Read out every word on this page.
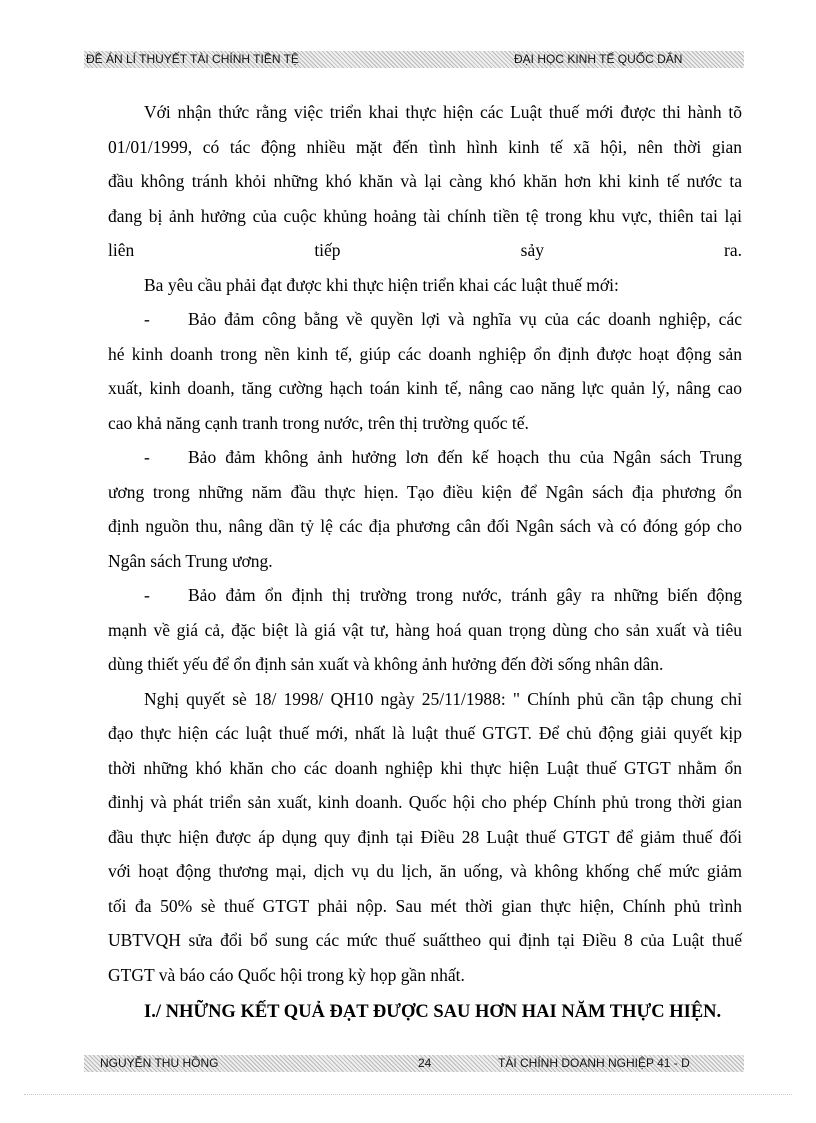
ĐỀ ÁN LÍ THUYẾT TÀI CHÍNH TIỀN TỆ	ĐẠI HỌC KINH TẾ QUỐC DÂN
Với nhận thức rằng việc triển khai thực hiện các Luật thuế mới được thi hành tõ
01/01/1999, có tác động nhiều mặt đến tình hình kinh tế xã hội, nên thời gian
đầu không tránh khỏi những khó khăn và lại càng khó khăn hơn khi kinh tế nước ta
đang bị ảnh hưởng của cuộc khủng hoảng tài chính tiền tệ trong khu vực, thiên tai lại
liên tiếp sảy ra.
Ba yêu cầu phải đạt được khi thực hiện triển khai các luật thuế mới:
- Bảo đảm công bằng về quyền lợi và nghĩa vụ của các doanh nghiệp, các
hé kinh doanh trong nền kinh tế, giúp các doanh nghiệp ổn định được hoạt động sản
xuất, kinh doanh, tăng cường hạch toán kinh tế, nâng cao năng lực quản lý, nâng cao
cao khả năng cạnh tranh trong nước, trên thị trường quốc tế.
- Bảo đảm không ảnh hưởng lơn đến kế hoạch thu của Ngân sách Trung
ương trong những năm đầu thực hiẹn. Tạo điều kiện để Ngân sách địa phương ổn
định nguồn thu, nâng dần tỷ lệ các địa phương cân đối Ngân sách và có đóng góp cho
Ngân sách Trung ương.
- Bảo đảm ổn định thị trường trong nước, tránh gây ra những biến động
mạnh về giá cả, đặc biệt là giá vật tư, hàng hoá quan trọng dùng cho sản xuất và tiêu
dùng thiết yếu để ổn định sản xuất và không ảnh hưởng đến đời sống nhân dân.
Nghị quyết sè 18/ 1998/ QH10 ngày 25/11/1988: " Chính phủ cần tập chung chỉ
đạo thực hiện các luật thuế mới, nhất là luật thuế GTGT. Để chủ động giải quyết kịp
thời những khó khăn cho các doanh nghiệp khi thực hiện Luật thuế GTGT nhằm ổn
đinhj và phát triển sản xuất, kinh doanh. Quốc hội cho phép Chính phủ trong thời gian
đầu thực hiện được áp dụng quy định tại Điều 28 Luật thuế GTGT để giảm thuế đối
với hoạt động thương mại, dịch vụ du lịch, ăn uống, và không khống chế mức giảm
tối đa 50% sè thuế GTGT phải nộp. Sau mét thời gian thực hiện, Chính phủ trình
UBTVQH sửa đổi bổ sung các mức thuế suấttheo qui định tại Điều 8 của Luật thuế
GTGT và báo cáo Quốc hội trong kỳ họp gần nhất.
I./ NHỮNG KẾT QUẢ ĐẠT ĐƯỢC SAU HƠN HAI NĂM THỰC HIỆN.
NGUYỄN THU HỒNG	24	TÀI CHÍNH DOANH NGHIỆP 41 - D
